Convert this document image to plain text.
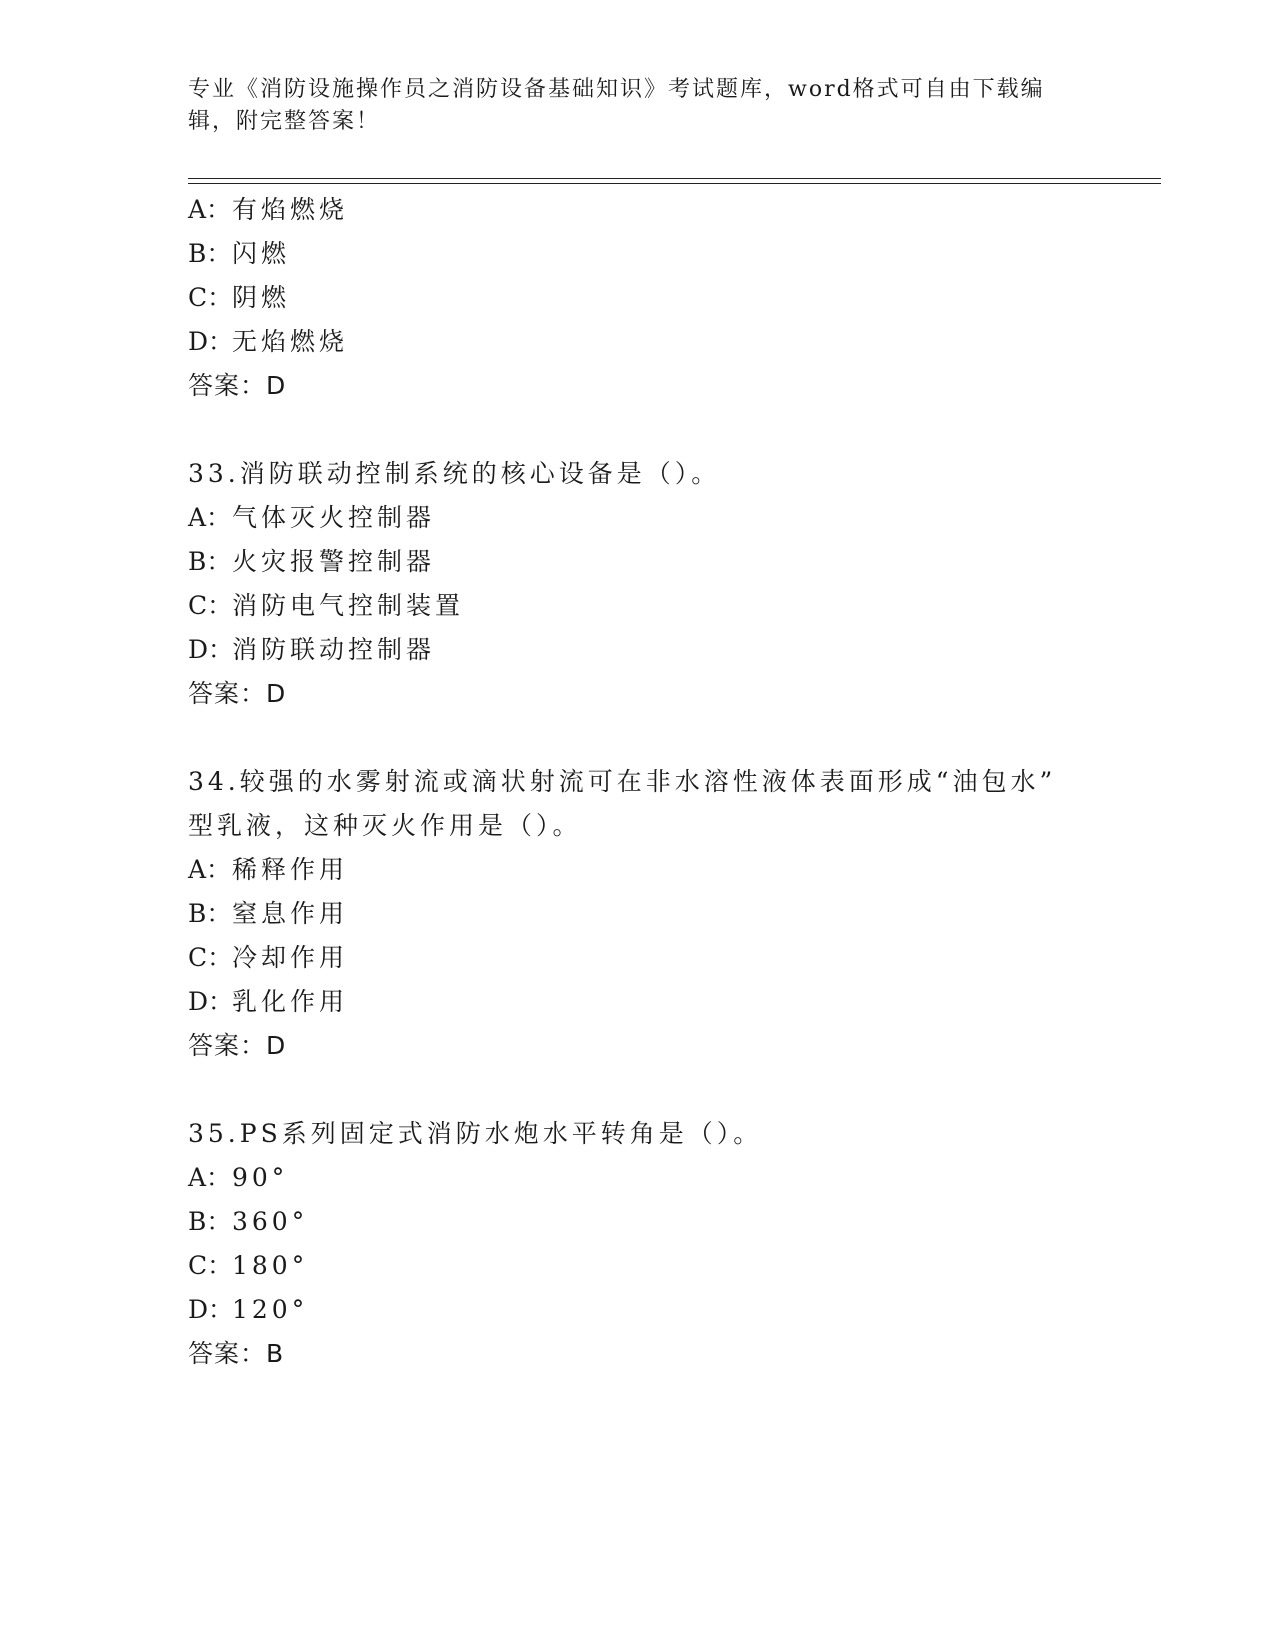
专业《消防设施操作员之消防设备基础知识》考试题库，word格式可自由下载编
辑，附完整答案！
A：有焰燃烧
B：闪燃
C：阴燃
D：无焰燃烧
答案：D
33.消防联动控制系统的核心设备是（）。
A：气体灭火控制器
B：火灾报警控制器
C：消防电气控制装置
D：消防联动控制器
答案：D
34.较强的水雾射流或滴状射流可在非水溶性液体表面形成“油包水”
型乳液，这种灭火作用是（）。
A：稀释作用
B：窒息作用
C：冷却作用
D：乳化作用
答案：D
35.PS系列固定式消防水炮水平转角是（）。
A：90°
B：360°
C：180°
D：120°
答案：B
